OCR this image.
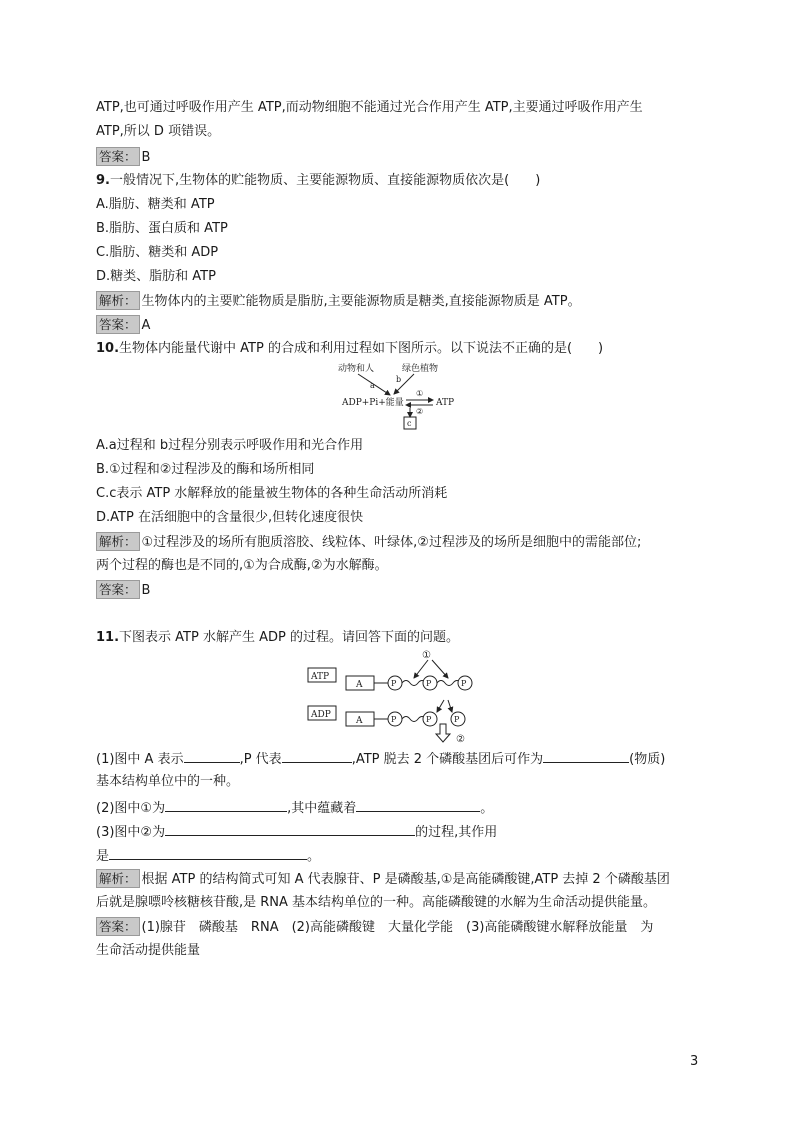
ATP,也可通过呼吸作用产生 ATP,而动物细胞不能通过光合作用产生 ATP,主要通过呼吸作用产生
ATP,所以 D 项错误。
答案： B
9.一般情况下,生物体的贮能物质、主要能源物质、直接能源物质依次是(　　)
A.脂肪、糖类和 ATP
B.脂肪、蛋白质和 ATP
C.脂肪、糖类和 ADP
D.糖类、脂肪和 ATP
解析： 生物体内的主要贮能物质是脂肪,主要能源物质是糖类,直接能源物质是 ATP。
答案： A
10.生物体内能量代谢中 ATP 的合成和利用过程如下图所示。以下说法不正确的是(　　)
动物和人	绿色植物
a
b
ADP+Pi+能量	ATP
①
②
c
A.a过程和 b过程分别表示呼吸作用和光合作用
B.①过程和②过程涉及的酶和场所相同
C.c表示 ATP 水解释放的能量被生物体的各种生命活动所消耗
D.ATP 在活细胞中的含量很少,但转化速度很快
解析： ①过程涉及的场所有胞质溶胶、线粒体、叶绿体,②过程涉及的场所是细胞中的需能部位;
两个过程的酶也是不同的,①为合成酶,②为水解酶。
答案： B
11.下图表示 ATP 水解产生 ADP 的过程。请回答下面的问题。
ATP
A	P	P	P
①
ADP
A	P	P	P
②
(1)图中 A 表示	,P 代表	,ATP 脱去 2 个磷酸基团后可作为	(物质)
基本结构单位中的一种。
(2)图中①为	,其中蕴藏着	。
(3)图中②为	的过程,其作用
是	。
解析： 根据 ATP 的结构简式可知 A 代表腺苷、P 是磷酸基,①是高能磷酸键,ATP 去掉 2 个磷酸基团
后就是腺嘌呤核糖核苷酸,是 RNA 基本结构单位的一种。高能磷酸键的水解为生命活动提供能量。
答案： (1)腺苷　磷酸基　RNA　(2)高能磷酸键　大量化学能　(3)高能磷酸键水解释放能量　为
生命活动提供能量
3
